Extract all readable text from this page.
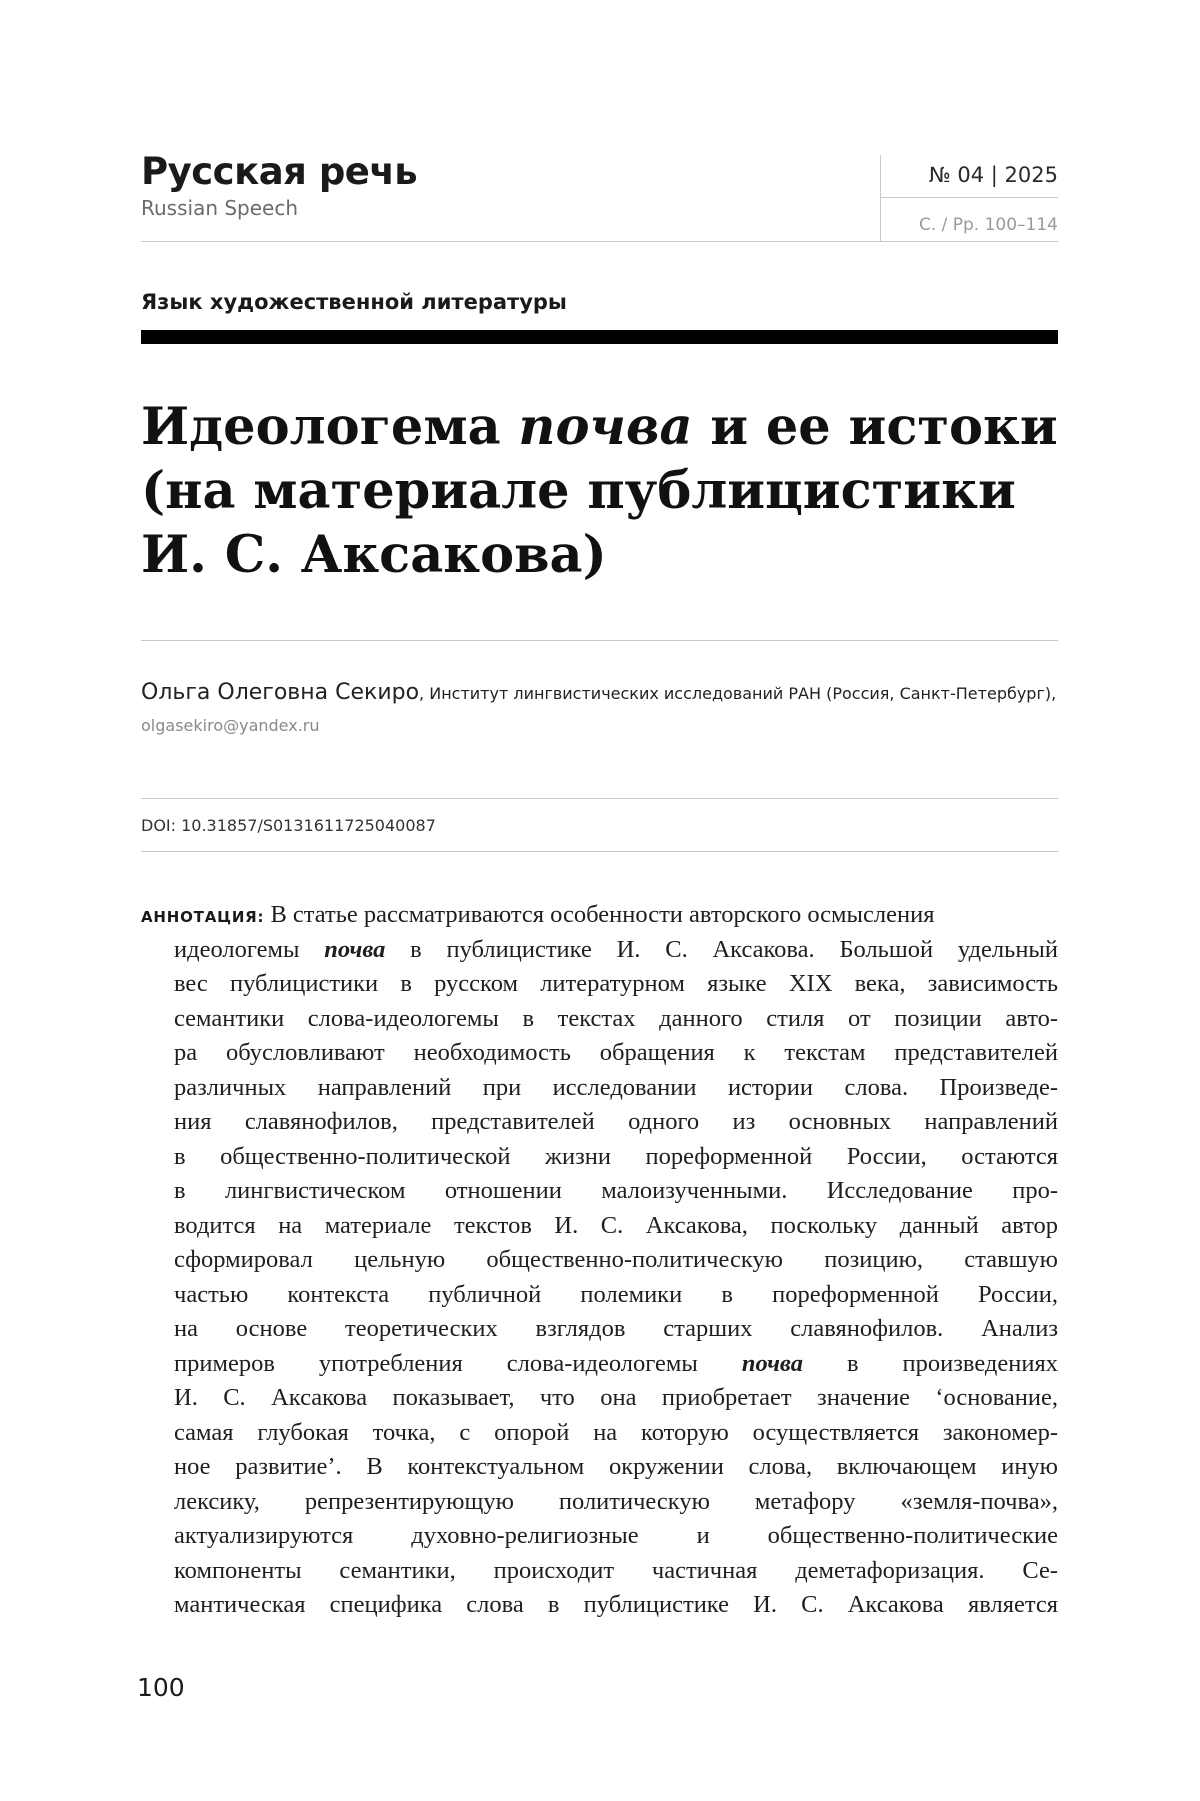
Русская речь
Russian Speech
№ 04 | 2025
С. / Pp. 100–114
Язык художественной литературы
Идеологема почва и ее истоки
(на материале публицистики
И. С. Аксакова)
Ольга Олеговна Секиро, Институт лингвистических исследований РАН (Россия, Санкт-Петербург),
olgasekiro@yandex.ru
DOI: 10.31857/S0131611725040087
АННОТАЦИЯ: В статье рассматриваются особенности авторского осмысления
идеологемы почва в публицистике И. С. Аксакова. Большой удельный
вес публицистики в русском литературном языке XIX века, зависимость
семантики слова-идеологемы в текстах данного стиля от позиции авто-
ра обусловливают необходимость обращения к текстам представителей
различных направлений при исследовании истории слова. Произведе-
ния славянофилов, представителей одного из основных направлений
в общественно-политической жизни пореформенной России, остаются
в лингвистическом отношении малоизученными. Исследование про-
водится на материале текстов И. С. Аксакова, поскольку данный автор
сформировал цельную общественно-политическую позицию, ставшую
частью контекста публичной полемики в пореформенной России,
на основе теоретических взглядов старших славянофилов. Анализ
примеров употребления слова-идеологемы почва в произведениях
И. С. Аксакова показывает, что она приобретает значение ‘основание,
самая глубокая точка, с опорой на которую осуществляется закономер-
ное развитие’. В контекстуальном окружении слова, включающем иную
лексику, репрезентирующую политическую метафору «земля-почва»,
актуализируются духовно-религиозные и общественно-политические
компоненты семантики, происходит частичная деметафоризация. Се-
мантическая специфика слова в публицистике И. С. Аксакова является
100
